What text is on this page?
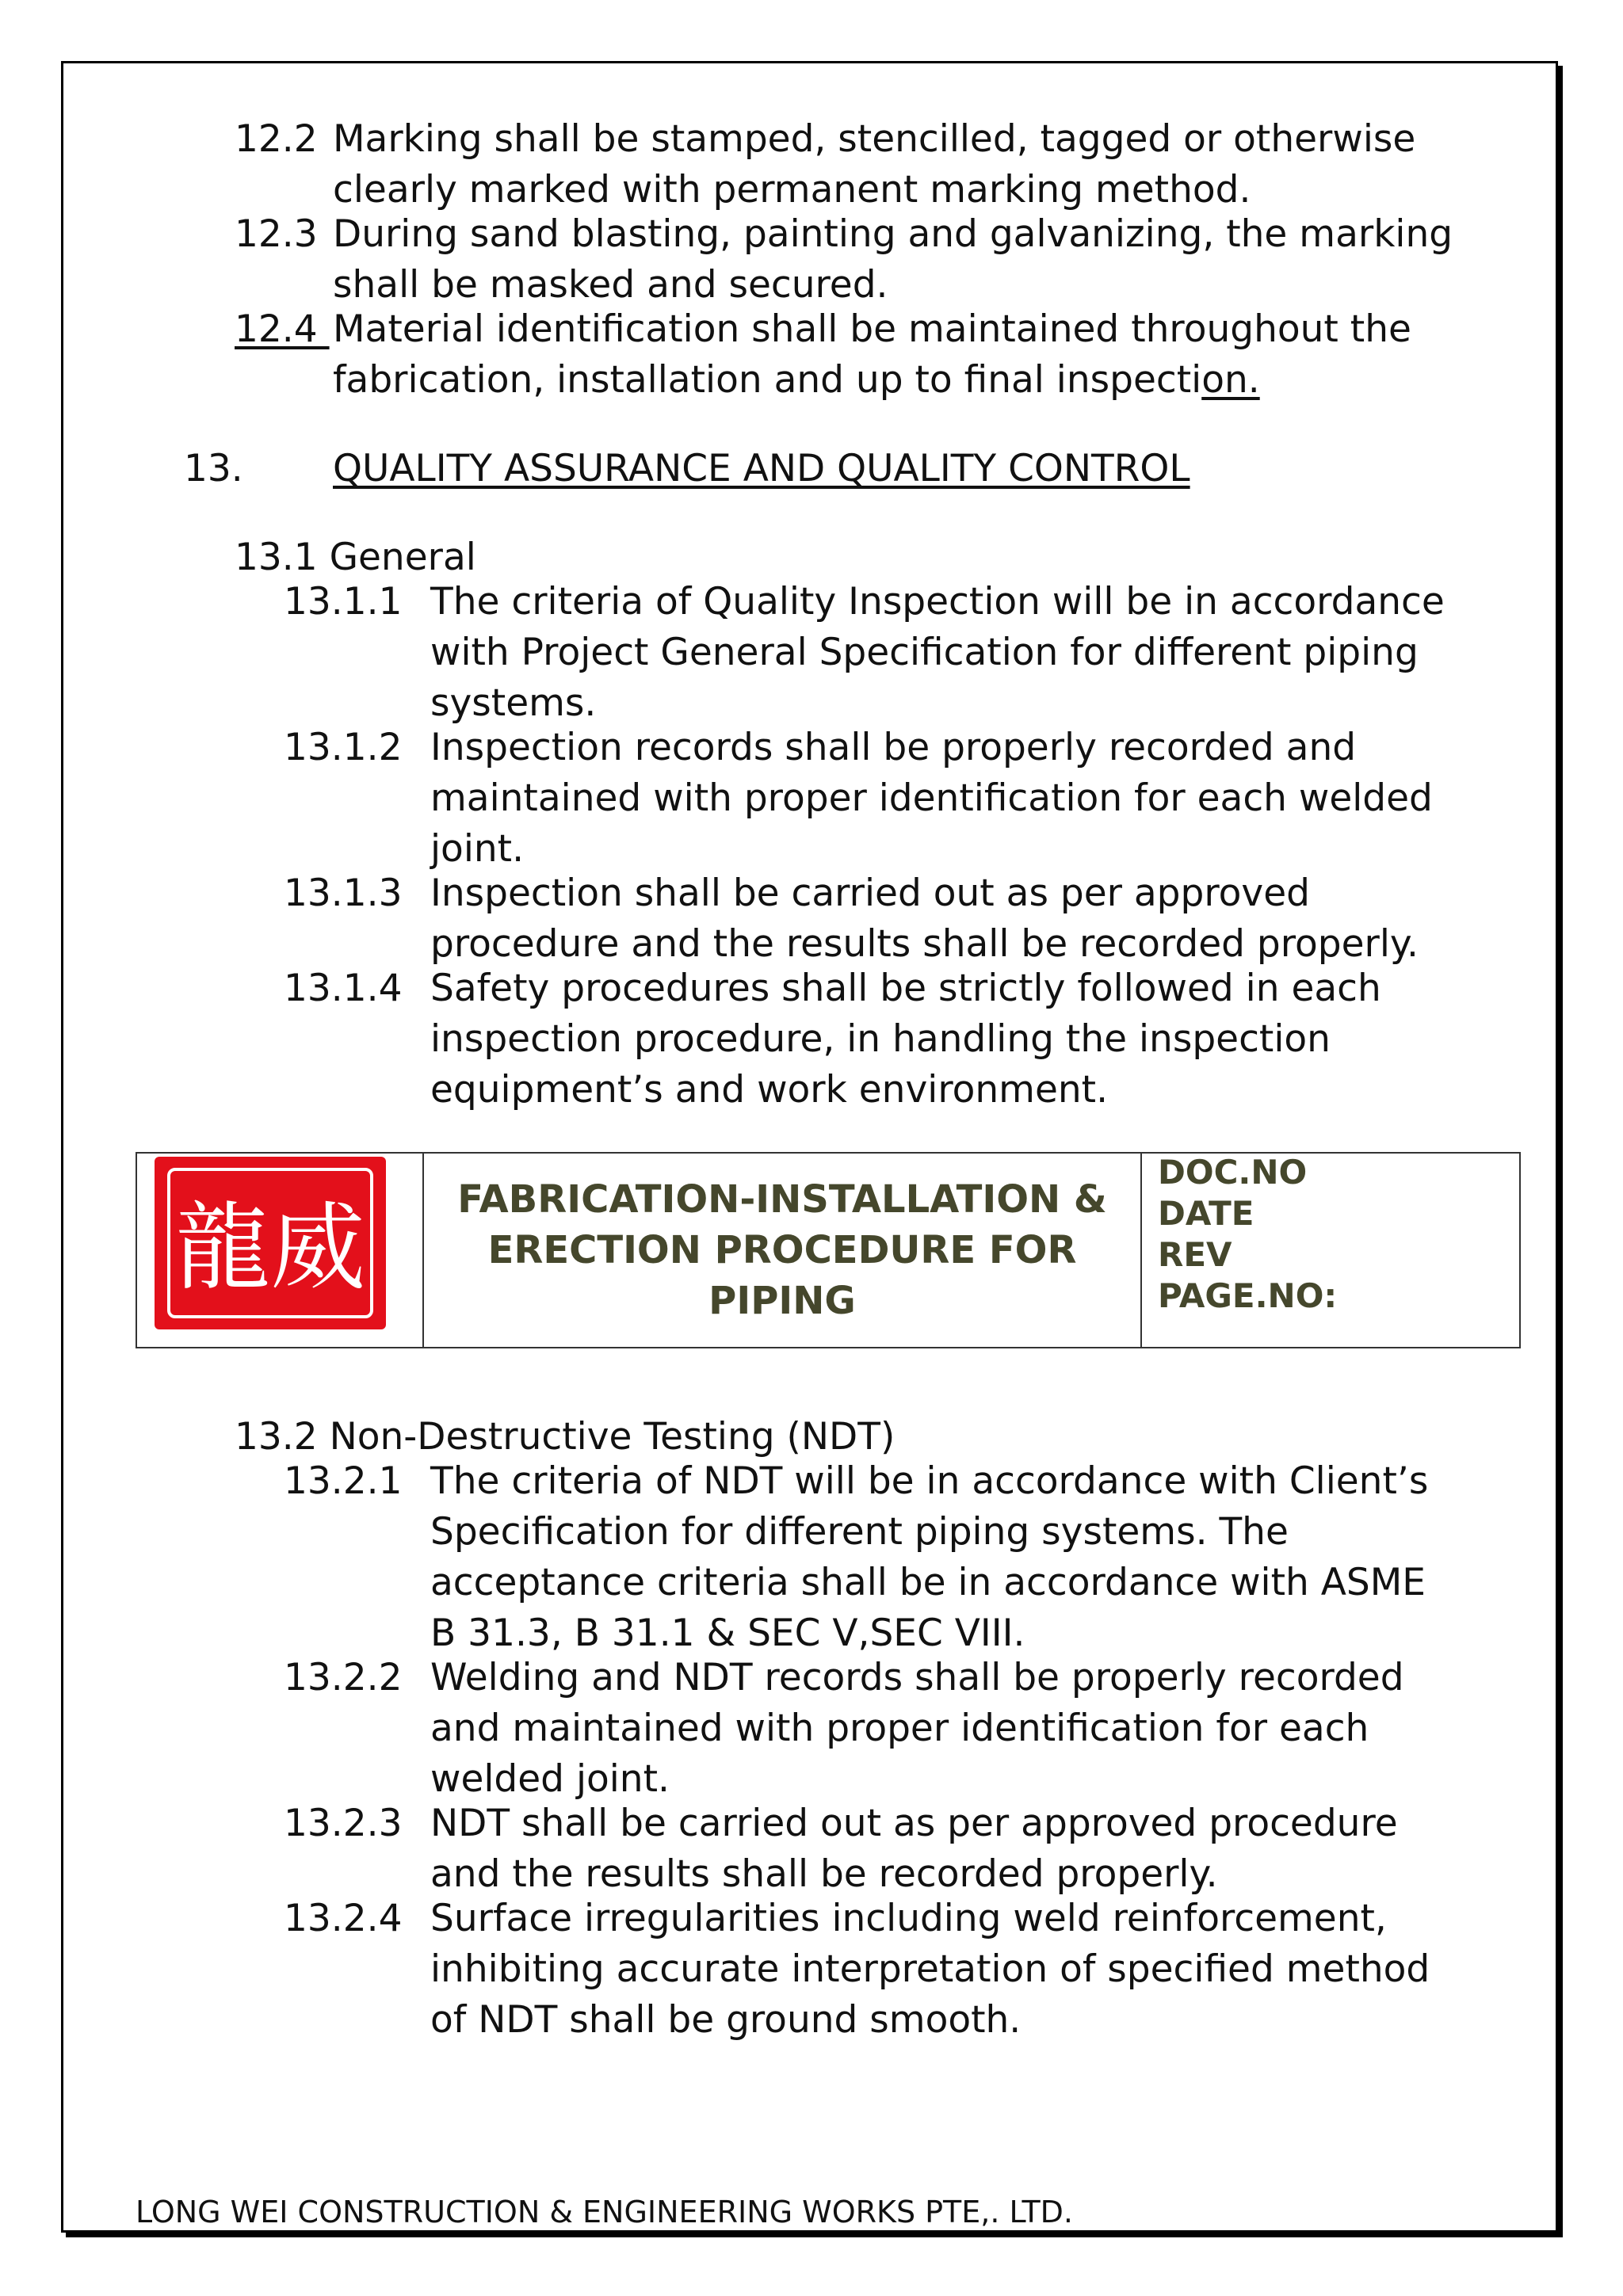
12.2 Marking shall be stamped, stencilled, tagged or otherwise
clearly marked with permanent marking method.
12.3 During sand blasting, painting and galvanizing, the marking
shall be masked and secured.
12.4 Material identification shall be maintained throughout the
fabrication, installation and up to final inspection.
13. QUALITY ASSURANCE AND QUALITY CONTROL
13.1 General
13.1.1 The criteria of Quality Inspection will be in accordance
with Project General Specification for different piping
systems.
13.1.2 Inspection records shall be properly recorded and
maintained with proper identification for each welded
joint.
13.1.3 Inspection shall be carried out as per approved
procedure and the results shall be recorded properly.
13.1.4 Safety procedures shall be strictly followed in each
inspection procedure, in handling the inspection
equipment’s and work environment.
龍威	FABRICATION-INSTALLATION &
ERECTION PROCEDURE FOR
PIPING
DOC.NO
DATE
REV
PAGE.NO:
13.2 Non-Destructive Testing (NDT)
13.2.1 The criteria of NDT will be in accordance with Client’s
Specification for different piping systems. The
acceptance criteria shall be in accordance with ASME
B 31.3, B 31.1 & SEC V,SEC VIII.
13.2.2 Welding and NDT records shall be properly recorded
and maintained with proper identification for each
welded joint.
13.2.3 NDT shall be carried out as per approved procedure
and the results shall be recorded properly.
13.2.4 Surface irregularities including weld reinforcement,
inhibiting accurate interpretation of specified method
of NDT shall be ground smooth.
LONG WEI CONSTRUCTION & ENGINEERING WORKS PTE,. LTD.
